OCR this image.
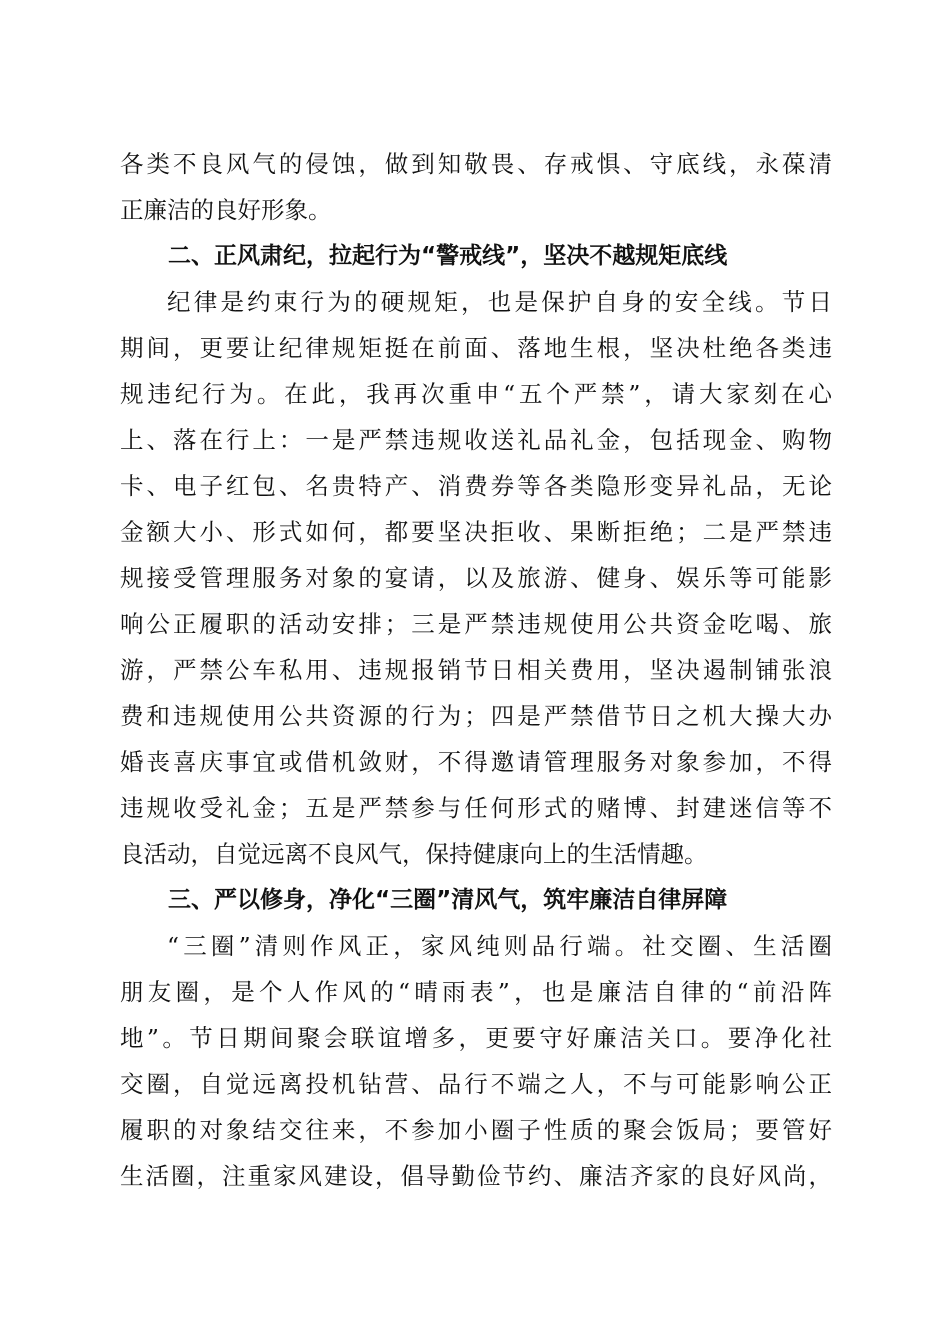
各类不良风气的侵蚀，做到知敬畏、存戒惧、守底线，永葆清
正廉洁的良好形象。
二、正风肃纪，拉起行为“警戒线”，坚决不越规矩底线
纪律是约束行为的硬规矩，也是保护自身的安全线。节日
期间，更要让纪律规矩挺在前面、落地生根，坚决杜绝各类违
规违纪行为。在此，我再次重申“五个严禁”，请大家刻在心
上、落在行上：一是严禁违规收送礼品礼金，包括现金、购物
卡、电子红包、名贵特产、消费券等各类隐形变异礼品，无论
金额大小、形式如何，都要坚决拒收、果断拒绝；二是严禁违
规接受管理服务对象的宴请，以及旅游、健身、娱乐等可能影
响公正履职的活动安排；三是严禁违规使用公共资金吃喝、旅
游，严禁公车私用、违规报销节日相关费用，坚决遏制铺张浪
费和违规使用公共资源的行为；四是严禁借节日之机大操大办
婚丧喜庆事宜或借机敛财，不得邀请管理服务对象参加，不得
违规收受礼金；五是严禁参与任何形式的赌博、封建迷信等不
良活动，自觉远离不良风气，保持健康向上的生活情趣。
三、严以修身，净化“三圈”清风气，筑牢廉洁自律屏障
“三圈”清则作风正，家风纯则品行端。社交圈、生活圈
朋友圈，是个人作风的“晴雨表”，也是廉洁自律的“前沿阵
地”。节日期间聚会联谊增多，更要守好廉洁关口。要净化社
交圈，自觉远离投机钻营、品行不端之人，不与可能影响公正
履职的对象结交往来，不参加小圈子性质的聚会饭局；要管好
生活圈，注重家风建设，倡导勤俭节约、廉洁齐家的良好风尚，
